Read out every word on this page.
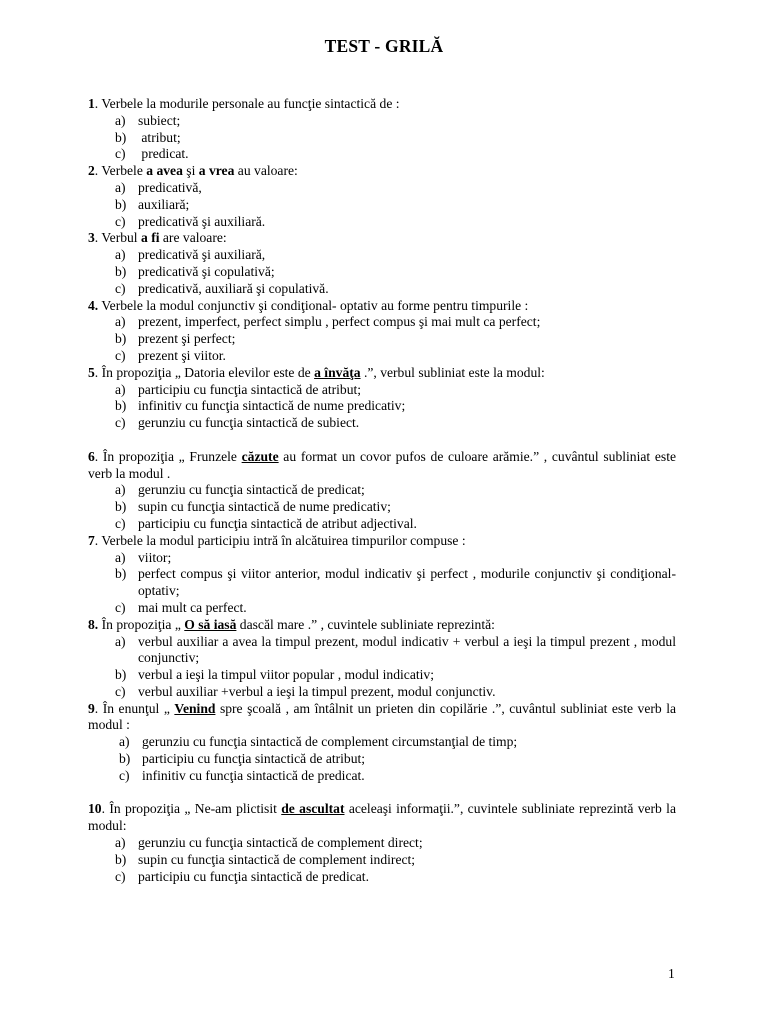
TEST - GRILĂ
1. Verbele la modurile personale au funcţie sintactică de :
a) subiect;
b) atribut;
c) predicat.
2. Verbele a avea şi a vrea au valoare:
a) predicativă,
b) auxiliară;
c) predicativă şi auxiliară.
3. Verbul a fi are valoare:
a) predicativă şi auxiliară,
b) predicativă şi copulativă;
c) predicativă, auxiliară şi copulativă.
4. Verbele la modul conjunctiv şi condiţional- optativ au forme pentru timpurile :
a) prezent, imperfect, perfect simplu , perfect compus şi mai mult ca perfect;
b) prezent şi perfect;
c) prezent şi viitor.
5. În propoziţia „ Datoria elevilor este de a învăţa .”, verbul subliniat este la modul:
a) participiu cu funcţia sintactică de atribut;
b) infinitiv cu funcţia sintactică de nume predicativ;
c) gerunziu cu funcţia sintactică de subiect.
6. În propoziţia „ Frunzele căzute au format un covor pufos de culoare arămie.” , cuvântul subliniat este verb la modul .
a) gerunziu cu funcţia sintactică de predicat;
b) supin cu funcţia sintactică de nume predicativ;
c) participiu cu funcţia sintactică de atribut adjectival.
7. Verbele la modul participiu intră în alcătuirea timpurilor compuse :
a) viitor;
b) perfect compus şi viitor anterior, modul indicativ şi perfect , modurile conjunctiv şi condiţional-optativ;
c) mai mult ca perfect.
8. În propoziţia „ O să iasă dascăl mare .” , cuvintele subliniate reprezintă:
a) verbul auxiliar a avea la timpul prezent, modul indicativ + verbul a ieşi la timpul prezent , modul conjunctiv;
b) verbul a ieşi la timpul viitor popular , modul indicativ;
c) verbul auxiliar +verbul a ieşi la timpul prezent, modul conjunctiv.
9. În enunţul „ Venind spre şcoală , am întâlnit un prieten din copilărie .”, cuvântul subliniat este verb la modul :
a) gerunziu cu funcţia sintactică de complement circumstanţial de timp;
b) participiu cu funcţia sintactică de atribut;
c) infinitiv cu funcţia sintactică de predicat.
10. În propoziţia „ Ne-am plictisit de ascultat aceleaşi informaţii.”, cuvintele subliniate reprezintă verb la modul:
a) gerunziu cu funcţia sintactică de complement direct;
b) supin cu funcţia sintactică de complement indirect;
c) participiu cu funcţia sintactică de predicat.
1
